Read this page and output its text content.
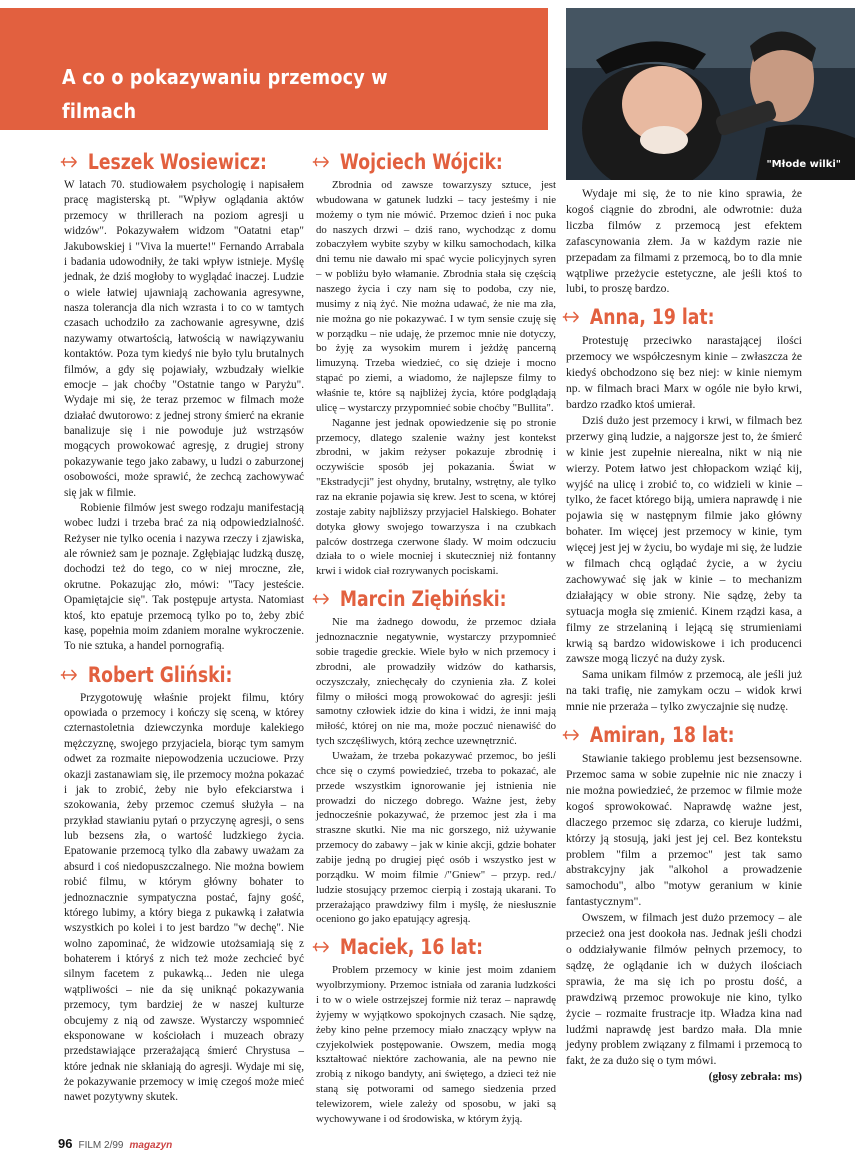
A co o pokazywaniu przemocy w filmach
myślą reżyserzy i widzowie?
"Młode wilki"
Leszek Wosiewicz:

W latach 70. studiowałem psychologię i napisałem pracę magisterską pt. "Wpływ oglądania aktów przemocy w thrillerach na poziom agresji u widzów". Pokazywałem widzom "Oatatni etap" Jakubowskiej i "Viva la muerte!" Fernando Arrabala i badania udowodniły, że taki wpływ istnieje. Myślę jednak, że dziś mogłoby to wyglądać inaczej. Ludzie o wiele łatwiej ujawniają zachowania agresywne, nasza tolerancja dla nich wzrasta i to co w tamtych czasach uchodziło za zachowanie agresywne, dziś nazywamy otwartością, łatwością w nawiązywaniu kontaktów. Poza tym kiedyś nie było tylu brutalnych filmów, a gdy się pojawiały, wzbudzały wielkie emocje – jak choćby "Ostatnie tango w Paryżu". Wydaje mi się, że teraz przemoc w filmach może działać dwutorowo: z jednej strony śmierć na ekranie banalizuje się i nie powoduje już wstrząsów mogących prowokować agresję, z drugiej strony pokazywanie tego jako zabawy, u ludzi o zaburzonej osobowości, może sprawić, że zechcą zachowywać się jak w filmie.

Robienie filmów jest swego rodzaju manifestacją wobec ludzi i trzeba brać za nią odpowiedzialność. Reżyser nie tylko ocenia i nazywa rzeczy i zjawiska, ale również sam je poznaje. Zgłębiając ludzką duszę, dochodzi też do tego, co w niej mroczne, złe, okrutne. Pokazując zło, mówi: "Tacy jesteście. Opamiętajcie się". Tak postępuje artysta. Natomiast ktoś, kto epatuje przemocą tylko po to, żeby zbić kasę, popełnia moim zdaniem moralne wykroczenie. To nie sztuka, a handel pornografią.

Robert Gliński:

Przygotowuję właśnie projekt filmu, który opowiada o przemocy i kończy się sceną, w którey czternastoletnia dziewczynka morduje kalekiego mężczyznę, swojego przyjaciela, biorąc tym samym odwet za rozmaite niepowodzenia uczuciowe. Przy okazji zastanawiam się, ile przemocy można pokazać i jak to zrobić, żeby nie było efekciarstwa i szokowania, żeby przemoc czemuś służyła – na przykład stawianiu pytań o przyczynę agresji, o sens lub bezsens zła, o wartość ludzkiego życia. Epatowanie przemocą tylko dla zabawy uważam za absurd i coś niedopuszczalnego. Nie można bowiem robić filmu, w którym główny bohater to jednoznacznie sympatyczna postać, fajny gość, którego lubimy, a który biega z pukawką i załatwia wszystkich po kolei i to jest bardzo "w dechę". Nie wolno zapominać, że widzowie utożsamiają się z bohaterem i któryś z nich też może zechcieć być silnym facetem z pukawką... Jeden nie ulega wątpliwości – nie da się uniknąć pokazywania przemocy, tym bardziej że w naszej kulturze obcujemy z nią od zawsze. Wystarczy wspomnieć eksponowane w kościołach i muzeach obrazy przedstawiające przerażającą śmierć Chrystusa – które jednak nie skłaniają do agresji. Wydaje mi się, że pokazywanie przemocy w imię czegoś może mieć nawet pozytywny skutek.

Wojciech Wójcik:

Zbrodnia od zawsze towarzyszy sztuce, jest wbudowana w gatunek ludzki – tacy jesteśmy i nie możemy o tym nie mówić. Przemoc dzień i noc puka do naszych drzwi – dziś rano, wychodząc z domu zobaczyłem wybite szyby w kilku samochodach, kilka dni temu nie dawało mi spać wycie policyjnych syren – w pobliżu było włamanie. Zbrodnia stała się częścią naszego życia i czy nam się to podoba, czy nie, musimy z nią żyć. Nie można udawać, że nie ma zła, nie można go nie pokazywać. I w tym sensie czuję się w porządku – nie udaję, że przemoc mnie nie dotyczy, bo żyję za wysokim murem i jeżdżę pancerną limuzyną. Trzeba wiedzieć, co się dzieje i mocno stąpać po ziemi, a wiadomo, że najlepsze filmy to właśnie te, które są najbliżej życia, które podglądają ulicę – wystarczy przypomnieć sobie choćby "Bullita".

Naganne jest jednak opowiedzenie się po stronie przemocy, dlatego szalenie ważny jest kontekst zbrodni, w jakim reżyser pokazuje zbrodnię i oczywiście sposób jej pokazania. Świat w "Ekstradycji" jest ohydny, brutalny, wstrętny, ale tylko raz na ekranie pojawia się krew. Jest to scena, w której zostaje zabity najbliższy przyjaciel Halskiego. Bohater dotyka głowy swojego towarzysza i na czubkach palców dostrzega czerwone ślady. W moim odczuciu działa to o wiele mocniej i skuteczniej niż fontanny krwi i widok ciał rozrywanych pociskami.

Marcin Ziębiński:

Nie ma żadnego dowodu, że przemoc działa jednoznacznie negatywnie, wystarczy przypomnieć sobie tragedie greckie. Wiele było w nich przemocy i zbrodni, ale prowadziły widzów do katharsis, oczyszczały, zniechęcały do czynienia zła. Z kolei filmy o miłości mogą prowokować do agresji: jeśli samotny człowiek idzie do kina i widzi, że inni mają miłość, której on nie ma, może poczuć nienawiść do tych szczęśliwych, którą zechce uzewnętrznić.

Uważam, że trzeba pokazywać przemoc, bo jeśli chce się o czymś powiedzieć, trzeba to pokazać, ale przede wszystkim ignorowanie jej istnienia nie prowadzi do niczego dobrego. Ważne jest, żeby jednocześnie pokazywać, że przemoc jest zła i ma straszne skutki. Nie ma nic gorszego, niż używanie przemocy do zabawy – jak w kinie akcji, gdzie bohater zabije jedną po drugiej pięć osób i wszystko jest w porządku. W moim filmie /"Gniew" – przyp. red./ ludzie stosujący przemoc cierpią i zostają ukarani. To przerażająco prawdziwy film i myślę, że niesłusznie oceniono go jako epatujący agresją.

Maciek, 16 lat:

Problem przemocy w kinie jest moim zdaniem wyolbrzymiony. Przemoc istniała od zarania ludzkości i to w o wiele ostrzejszej formie niż teraz – naprawdę żyjemy w wyjątkowo spokojnych czasach. Nie sądzę, żeby kino pełne przemocy miało znaczący wpływ na czyjekolwiek postępowanie. Owszem, media mogą kształtować niektóre zachowania, ale na pewno nie zrobią z nikogo bandyty, ani świętego, a dzieci też nie staną się potworami od samego siedzenia przed telewizorem, wiele zależy od sposobu, w jaki są wychowywane i od środowiska, w którym żyją.

Wydaje mi się, że to nie kino sprawia, że kogoś ciągnie do zbrodni, ale odwrotnie: duża liczba filmów z przemocą jest efektem zafascynowania złem. Ja w każdym razie nie przepadam za filmami z przemocą, bo to dla mnie wątpliwe przeżycie estetyczne, ale jeśli ktoś to lubi, to proszę bardzo.

Anna, 19 lat:

Protestuję przeciwko narastającej ilości przemocy we współczesnym kinie – zwłaszcza że kiedyś obchodzono się bez niej: w kinie niemym np. w filmach braci Marx w ogóle nie było krwi, bardzo rzadko ktoś umierał.

Dziś dużo jest przemocy i krwi, w filmach bez przerwy giną ludzie, a najgorsze jest to, że śmierć w kinie jest zupełnie nierealna, nikt w nią nie wierzy. Potem łatwo jest chłopackom wziąć kij, wyjść na ulicę i zrobić to, co widzieli w kinie – tylko, że facet którego biją, umiera naprawdę i nie pojawia się w następnym filmie jako główny bohater. Im więcej jest przemocy w kinie, tym więcej jest jej w życiu, bo wydaje mi się, że ludzie w filmach chcą oglądać życie, a w życiu zachowywać się jak w kinie – to mechanizm działający w obie strony. Nie sądzę, żeby ta sytuacja mogła się zmienić. Kinem rządzi kasa, a filmy ze strzelaniną i lejącą się strumieniami krwią są bardzo widowiskowe i ich producenci zawsze mogą liczyć na duży zysk.

Sama unikam filmów z przemocą, ale jeśli już na taki trafię, nie zamykam oczu – widok krwi mnie nie przeraża – tylko zwyczajnie się nudzę.

Amiran, 18 lat:

Stawianie takiego problemu jest bezsensowne. Przemoc sama w sobie zupełnie nic nie znaczy i nie można powiedzieć, że przemoc w filmie może kogoś sprowokować. Naprawdę ważne jest, dlaczego przemoc się zdarza, co kieruje ludźmi, którzy ją stosują, jaki jest jej cel. Bez kontekstu problem "film a przemoc" jest tak samo abstrakcyjny jak "alkohol a prowadzenie samochodu", albo "motyw geranium w kinie fantastycznym".

Owszem, w filmach jest dużo przemocy – ale przecież ona jest dookoła nas. Jednak jeśli chodzi o oddziaływanie filmów pełnych przemocy, to sądzę, że oglądanie ich w dużych ilościach sprawia, że ma się ich po prostu dość, a prawdziwą przemoc prowokuje nie kino, tylko życie – rozmaite frustracje itp. Władza kina nad ludźmi naprawdę jest bardzo mała. Dla mnie jedyny problem związany z filmami i przemocą to fakt, że za dużo się o tym mówi.

(głosy zebrała: ms)

96 FILM 2/99 magazyn
